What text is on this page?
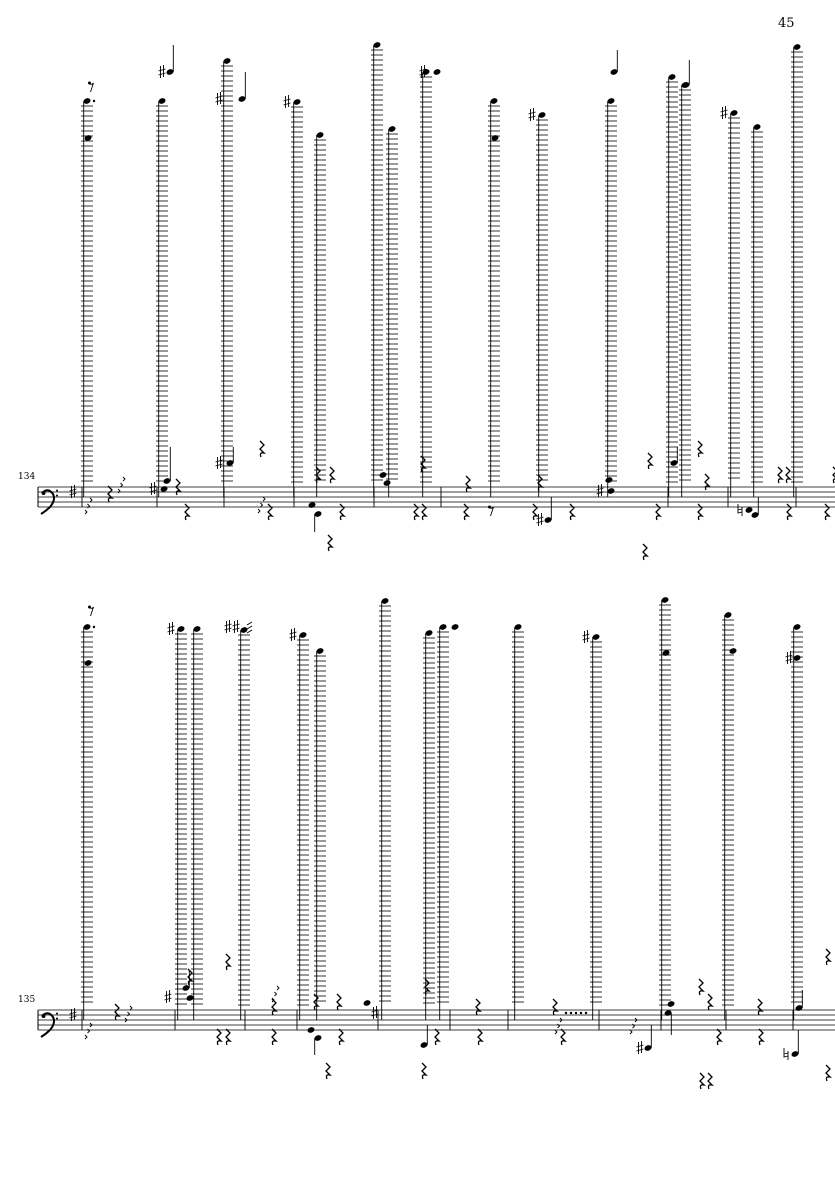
45
134
135
